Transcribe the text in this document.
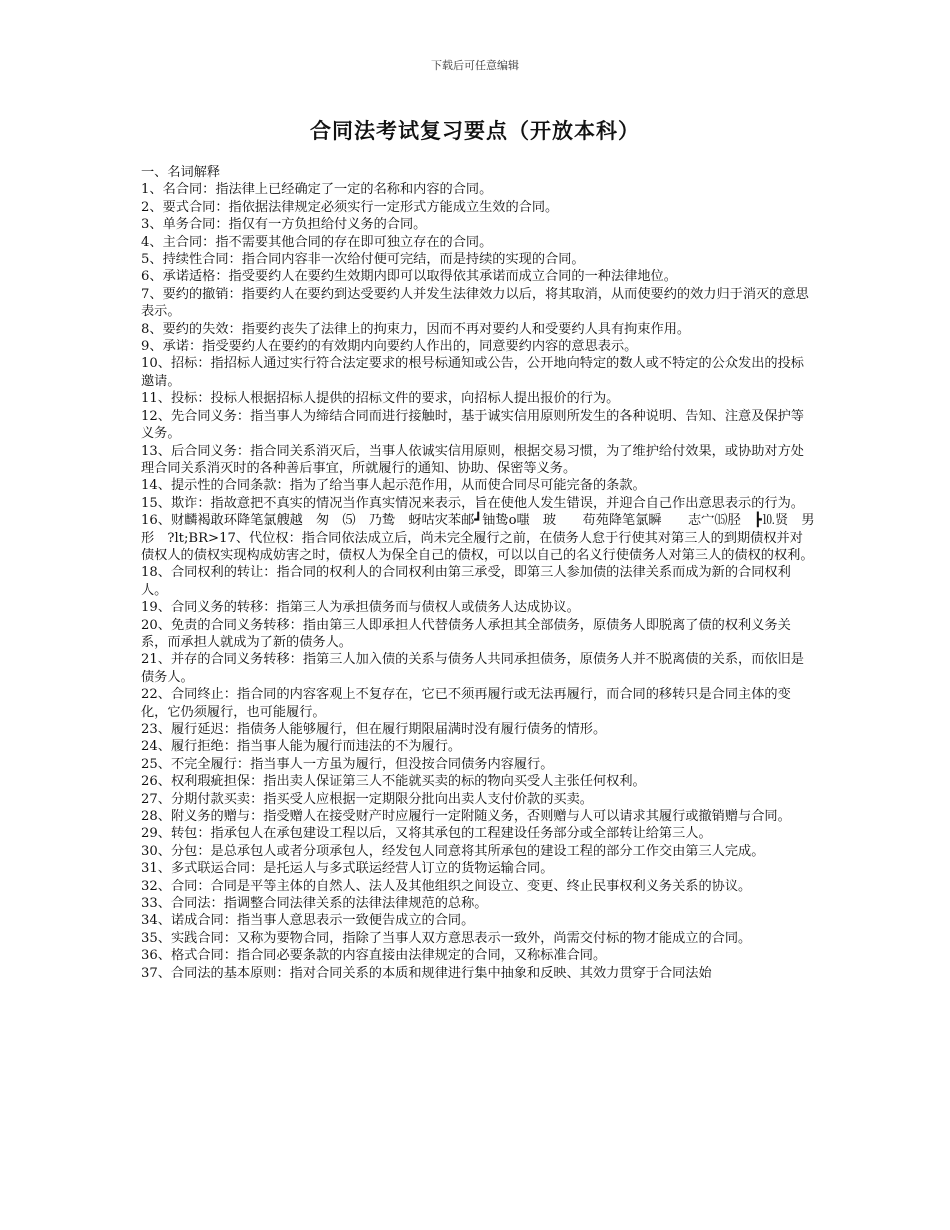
下载后可任意编辑
合同法考试复习要点（开放本科）

一、名词解释

1、名合同：指法律上已经确定了一定的名称和内容的合同。

2、要式合同：指依据法律规定必须实行一定形式方能成立生效的合同。

3、单务合同：指仅有一方负担给付义务的合同。

4、主合同：指不需要其他合同的存在即可独立存在的合同。

5、持续性合同：指合同内容非一次给付便可完结，而是持续的实现的合同。

6、承诺适格：指受要约人在要约生效期内即可以取得依其承诺而成立合同的一种法律地位。

7、要约的撤销：指要约人在要约到达受要约人并发生法律效力以后，将其取消，从而使要约的效力归于消灭的意思表示。

8、要约的失效：指要约丧失了法律上的拘束力，因而不再对要约人和受要约人具有拘束作用。

9、承诺：指受要约人在要约的有效期内向要约人作出的，同意要约内容的意思表示。

10、招标：指招标人通过实行符合法定要求的根号标通知或公告，公开地向特定的数人或不特定的公众发出的投标邀请。

11、投标：投标人根据招标人提供的招标文件的要求，向招标人提出报价的行为。

12、先合同义务：指当事人为缔结合同而进行接触时，基于诚实信用原则所发生的各种说明、告知、注意及保护等义务。

13、后合同义务：指合同关系消灭后，当事人依诚实信用原则，根据交易习惯，为了维护给付效果，或协助对方处理合同关系消灭时的各种善后事宜，所就履行的通知、协助、保密等义务。

14、提示性的合同条款：指为了给当事人起示范作用，从而使合同尽可能完备的条款。

15、欺诈：指故意把不真实的情况当作真实情况来表示，旨在使他人发生错误，并迎合自己作出意思表示的行为。

16、财麟褐敢环降笔氯艘越　匆　⑸　乃鸷　蚜咕灾苯邮┛铀鸷o嗤　玻　　苟苑降笔氯瞬　　志宀⒂胫　┣⒑贤　男形　?lt;BR>17、代位权：指合同依法成立后，尚未完全履行之前，在债务人怠于行使其对第三人的到期债权并对债权人的债权实现构成妨害之时，债权人为保全自己的债权，可以以自己的名义行使债务人对第三人的债权的权利。

18、合同权利的转让：指合同的权利人的合同权利由第三承受，即第三人参加债的法律关系而成为新的合同权利人。

19、合同义务的转移：指第三人为承担债务而与债权人或债务人达成协议。

20、免责的合同义务转移：指由第三人即承担人代替债务人承担其全部债务，原债务人即脱离了债的权利义务关系，而承担人就成为了新的债务人。

21、并存的合同义务转移：指第三人加入债的关系与债务人共同承担债务，原债务人并不脱离债的关系，而依旧是债务人。

22、合同终止：指合同的内容客观上不复存在，它已不须再履行或无法再履行，而合同的移转只是合同主体的变化，它仍须履行，也可能履行。

23、履行延迟：指债务人能够履行，但在履行期限届满时没有履行债务的情形。

24、履行拒绝：指当事人能为履行而违法的不为履行。

25、不完全履行：指当事人一方虽为履行，但没按合同债务内容履行。

26、权利瑕疵担保：指出卖人保证第三人不能就买卖的标的物向买受人主张任何权利。

27、分期付款买卖：指买受人应根据一定期限分批向出卖人支付价款的买卖。

28、附义务的赠与：指受赠人在接受财产时应履行一定附随义务，否则赠与人可以请求其履行或撤销赠与合同。

29、转包：指承包人在承包建设工程以后，又将其承包的工程建设任务部分或全部转让给第三人。

30、分包：是总承包人或者分项承包人，经发包人同意将其所承包的建设工程的部分工作交由第三人完成。

31、多式联运合同：是托运人与多式联运经营人订立的货物运输合同。

32、合同：合同是平等主体的自然人、法人及其他组织之间设立、变更、终止民事权利义务关系的协议。

33、合同法：指调整合同法律关系的法律法律规范的总称。

34、诺成合同：指当事人意思表示一致便告成立的合同。

35、实践合同：又称为要物合同，指除了当事人双方意思表示一致外，尚需交付标的物才能成立的合同。

36、格式合同：指合同必要条款的内容直接由法律规定的合同，又称标准合同。

37、合同法的基本原则：指对合同关系的本质和规律进行集中抽象和反映、其效力贯穿于合同法始
